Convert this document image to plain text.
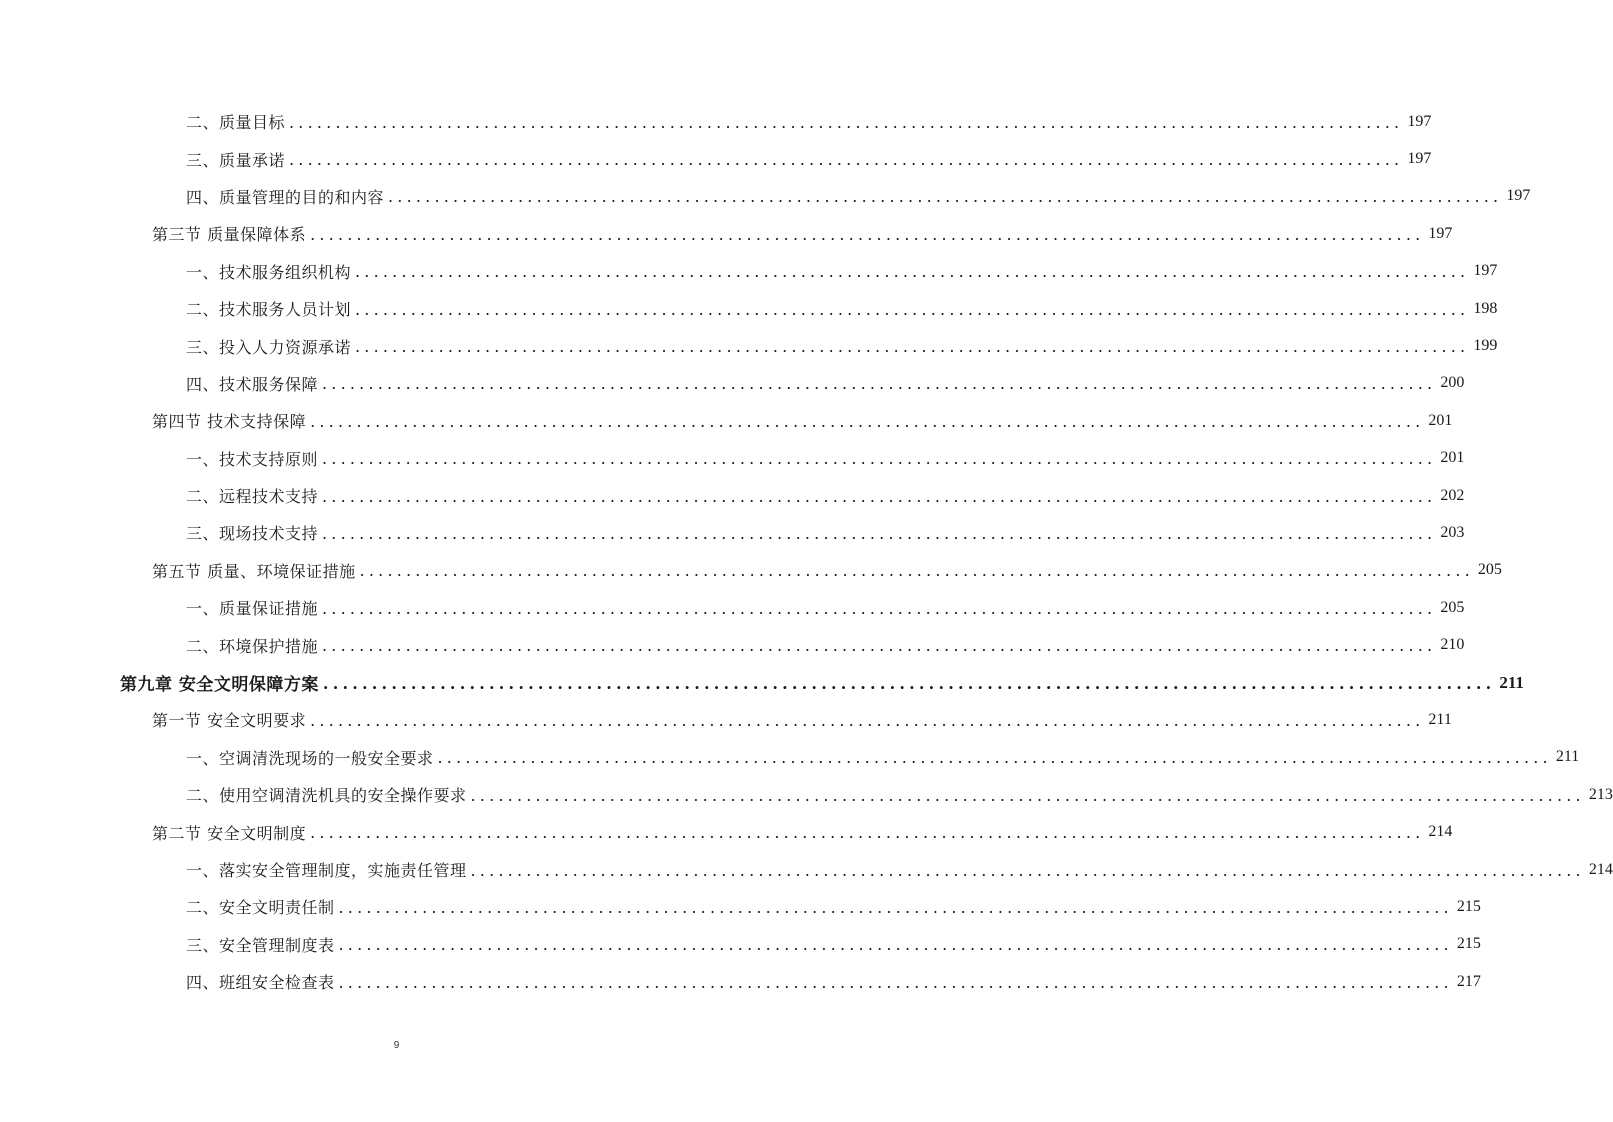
二、质量目标 ........................................................................................................................ 197
三、质量承诺 ........................................................................................................................ 197
四、质量管理的目的和内容 ........................................................................................................................ 197
第三节 质量保障体系 ........................................................................................................................ 197
一、技术服务组织机构 ........................................................................................................................ 197
二、技术服务人员计划 ........................................................................................................................ 198
三、投入人力资源承诺 ........................................................................................................................ 199
四、技术服务保障 ........................................................................................................................ 200
第四节 技术支持保障 ........................................................................................................................ 201
一、技术支持原则 ........................................................................................................................ 201
二、远程技术支持 ........................................................................................................................ 202
三、现场技术支持 ........................................................................................................................ 203
第五节 质量、环境保证措施 ........................................................................................................................ 205
一、质量保证措施 ........................................................................................................................ 205
二、环境保护措施 ........................................................................................................................ 210
第九章 安全文明保障方案 ........................................................................................................................ 211
第一节 安全文明要求 ........................................................................................................................ 211
一、空调清洗现场的一般安全要求 ........................................................................................................................ 211
二、使用空调清洗机具的安全操作要求 ........................................................................................................................ 213
第二节 安全文明制度 ........................................................................................................................ 214
一、落实安全管理制度，实施责任管理 ........................................................................................................................ 214
二、安全文明责任制 ........................................................................................................................ 215
三、安全管理制度表 ........................................................................................................................ 215
四、班组安全检查表 ........................................................................................................................ 217
9
